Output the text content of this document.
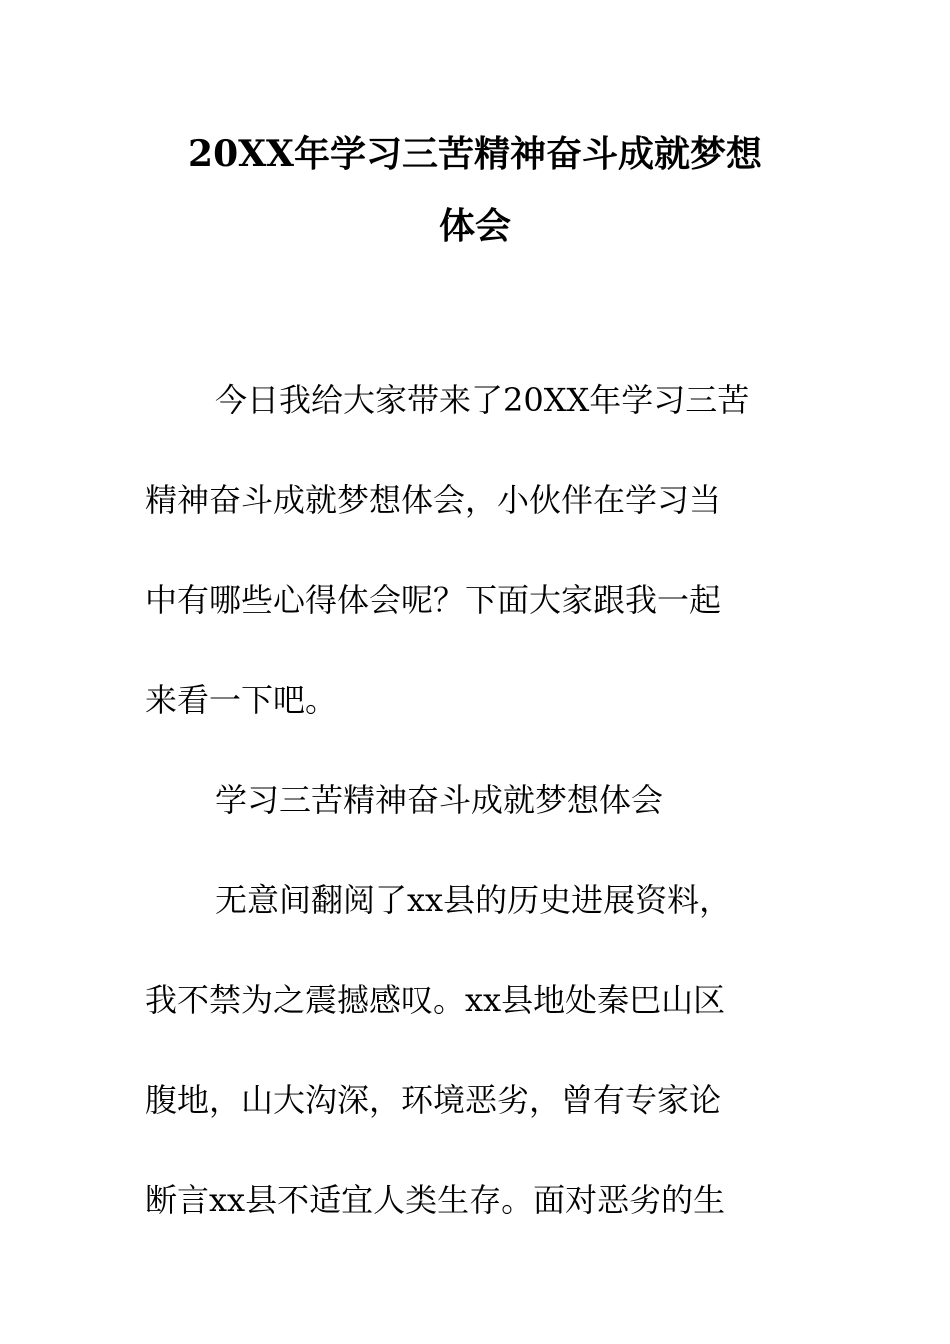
20XX年学习三苦精神奋斗成就梦想
体会
今日我给大家带来了20XX年学习三苦
精神奋斗成就梦想体会，小伙伴在学习当
中有哪些心得体会呢？下面大家跟我一起
来看一下吧。
学习三苦精神奋斗成就梦想体会
无意间翻阅了xx县的历史进展资料，
我不禁为之震撼感叹。xx县地处秦巴山区
腹地，山大沟深，环境恶劣，曾有专家论
断言xx县不适宜人类生存。面对恶劣的生
